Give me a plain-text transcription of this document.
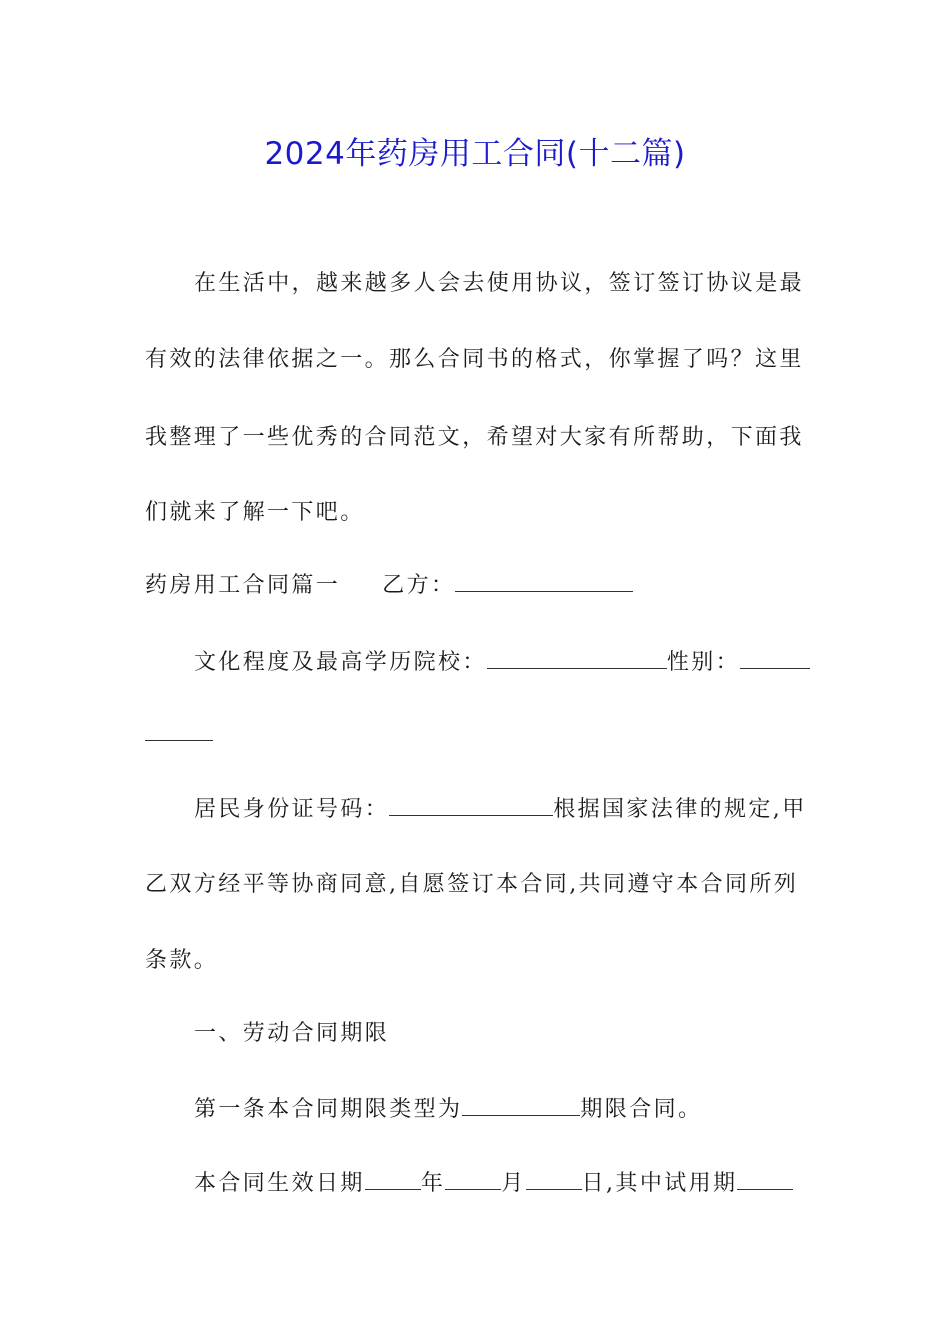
2024年药房用工合同(十二篇)
在生活中，越来越多人会去使用协议，签订签订协议是最
有效的法律依据之一。那么合同书的格式，你掌握了吗？这里
我整理了一些优秀的合同范文，希望对大家有所帮助，下面我
们就来了解一下吧。
药房用工合同篇一 乙方：
文化程度及最高学历院校：	性别：
居民身份证号码：	根据国家法律的规定,甲
乙双方经平等协商同意,自愿签订本合同,共同遵守本合同所列
条款。
一、劳动合同期限
第一条本合同期限类型为	期限合同。
本合同生效日期	年	月	日,其中试用期
